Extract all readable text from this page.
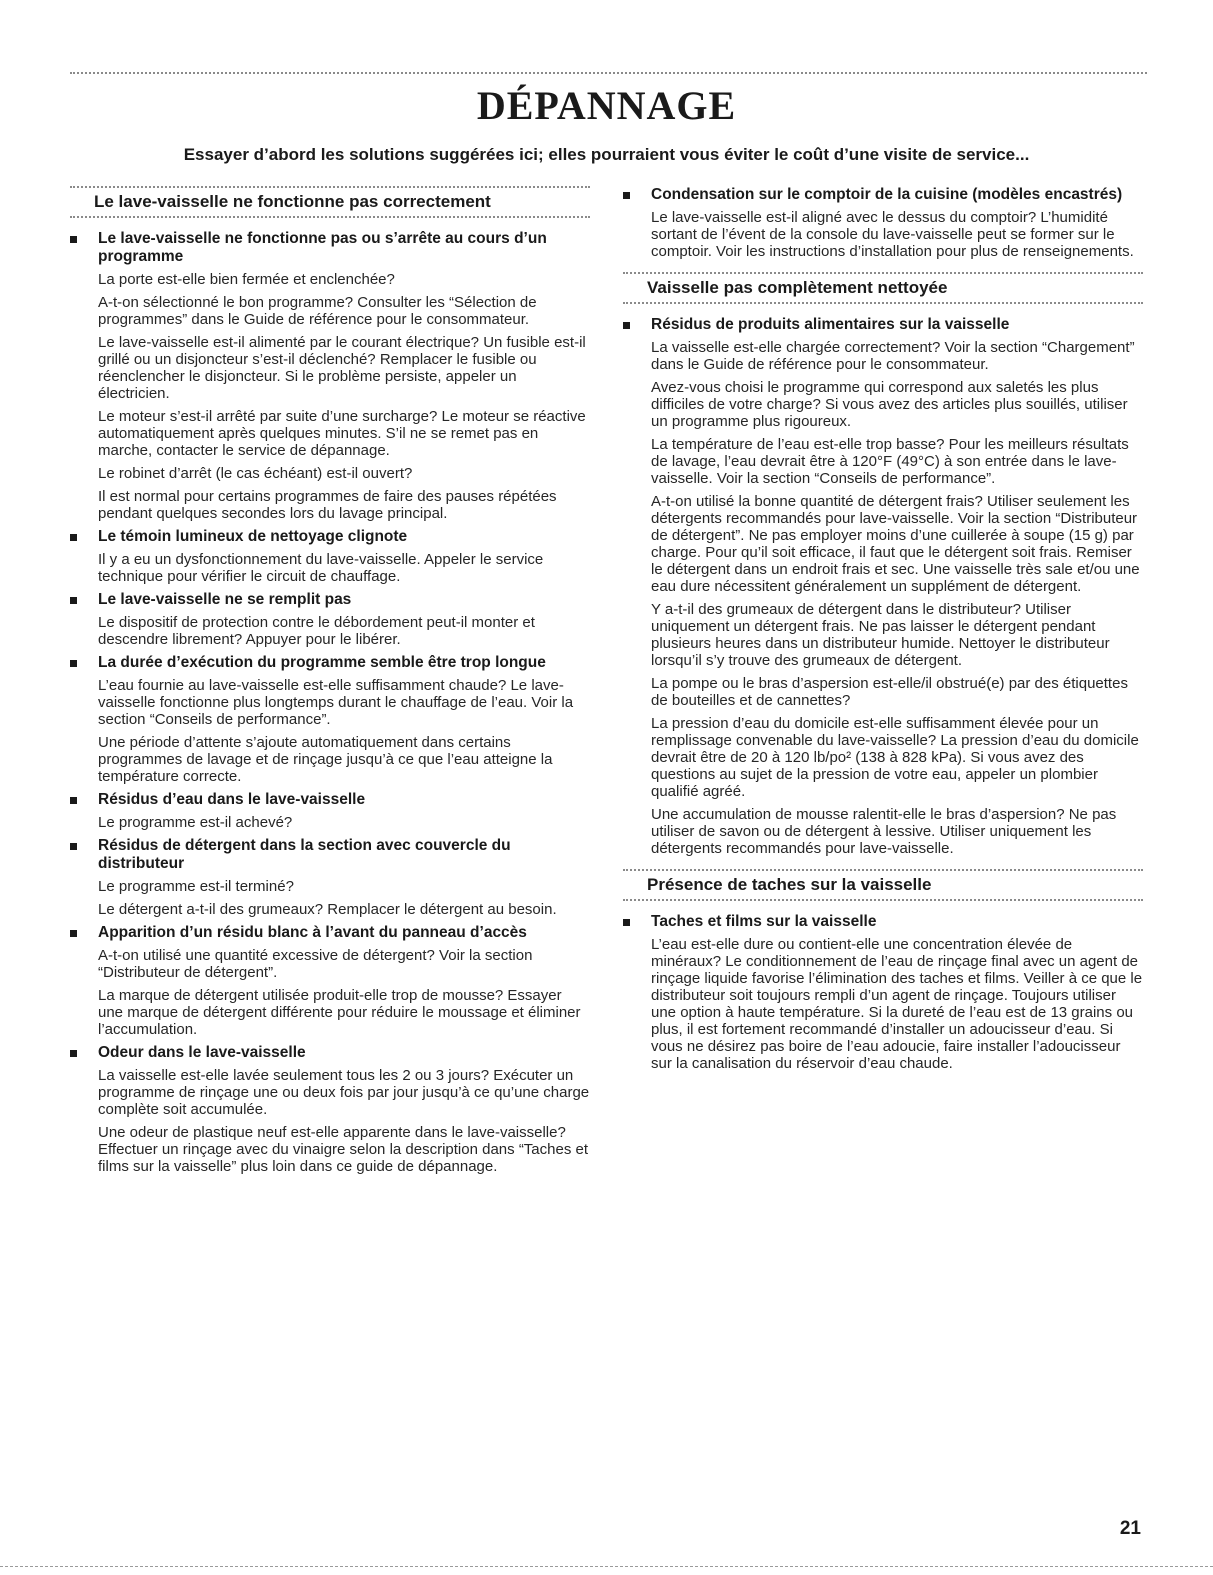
DÉPANNAGE

Essayer d’abord les solutions suggérées ici; elles pourraient vous éviter le coût d’une visite de service...

Le lave-vaisselle ne fonctionne pas correctement
Le lave-vaisselle ne fonctionne pas ou s’arrête au cours d’un programme

La porte est-elle bien fermée et enclenchée?

A-t-on sélectionné le bon programme? Consulter les “Sélection de programmes” dans le Guide de référence pour le consommateur.

Le lave-vaisselle est-il alimenté par le courant électrique? Un fusible est-il grillé ou un disjoncteur s’est-il déclenché? Remplacer le fusible ou réenclencher le disjoncteur. Si le problème persiste, appeler un électricien.

Le moteur s’est-il arrêté par suite d’une surcharge? Le moteur se réactive automatiquement après quelques minutes. S’il ne se remet pas en marche, contacter le service de dépannage.

Le robinet d’arrêt (le cas échéant) est-il ouvert?

Il est normal pour certains programmes de faire des pauses répétées pendant quelques secondes lors du lavage principal.

Le témoin lumineux de nettoyage clignote

Il y a eu un dysfonctionnement du lave-vaisselle. Appeler le service technique pour vérifier le circuit de chauffage.

Le lave-vaisselle ne se remplit pas

Le dispositif de protection contre le débordement peut-il monter et descendre librement? Appuyer pour le libérer.

La durée d’exécution du programme semble être trop longue

L’eau fournie au lave-vaisselle est-elle suffisamment chaude? Le lave-vaisselle fonctionne plus longtemps durant le chauffage de l’eau. Voir la section “Conseils de performance”.

Une période d’attente s’ajoute automatiquement dans certains programmes de lavage et de rinçage jusqu’à ce que l’eau atteigne la température correcte.

Résidus d’eau dans le lave-vaisselle

Le programme est-il achevé?

Résidus de détergent dans la section avec couvercle du distributeur

Le programme est-il terminé?

Le détergent a-t-il des grumeaux? Remplacer le détergent au besoin.

Apparition d’un résidu blanc à l’avant du panneau d’accès

A-t-on utilisé une quantité excessive de détergent? Voir la section “Distributeur de détergent”.

La marque de détergent utilisée produit-elle trop de mousse? Essayer une marque de détergent différente pour réduire le moussage et éliminer l’accumulation.

Odeur dans le lave-vaisselle

La vaisselle est-elle lavée seulement tous les 2 ou 3 jours? Exécuter un programme de rinçage une ou deux fois par jour jusqu’à ce qu’une charge complète soit accumulée.

Une odeur de plastique neuf est-elle apparente dans le lave-vaisselle? Effectuer un rinçage avec du vinaigre selon la description dans “Taches et films sur la vaisselle” plus loin dans ce guide de dépannage.

Condensation sur le comptoir de la cuisine (modèles encastrés)

Le lave-vaisselle est-il aligné avec le dessus du comptoir? L’humidité sortant de l’évent de la console du lave-vaisselle peut se former sur le comptoir. Voir les instructions d’installation pour plus de renseignements.

Vaisselle pas complètement nettoyée
Résidus de produits alimentaires sur la vaisselle

La vaisselle est-elle chargée correctement? Voir la section “Chargement” dans le Guide de référence pour le consommateur.

Avez-vous choisi le programme qui correspond aux saletés les plus difficiles de votre charge? Si vous avez des articles plus souillés, utiliser un programme plus rigoureux.

La température de l’eau est-elle trop basse? Pour les meilleurs résultats de lavage, l’eau devrait être à 120°F (49°C) à son entrée dans le lave-vaisselle. Voir la section “Conseils de performance”.

A-t-on utilisé la bonne quantité de détergent frais? Utiliser seulement les détergents recommandés pour lave-vaisselle. Voir la section “Distributeur de détergent”. Ne pas employer moins d’une cuillerée à soupe (15 g) par charge. Pour qu’il soit efficace, il faut que le détergent soit frais. Remiser le détergent dans un endroit frais et sec. Une vaisselle très sale et/ou une eau dure nécessitent généralement un supplément de détergent.

Y a-t-il des grumeaux de détergent dans le distributeur? Utiliser uniquement un détergent frais. Ne pas laisser le détergent pendant plusieurs heures dans un distributeur humide. Nettoyer le distributeur lorsqu’il s’y trouve des grumeaux de détergent.

La pompe ou le bras d’aspersion est-elle/il obstrué(e) par des étiquettes de bouteilles et de cannettes?

La pression d’eau du domicile est-elle suffisamment élevée pour un remplissage convenable du lave-vaisselle? La pression d’eau du domicile devrait être de 20 à 120 lb/po² (138 à 828 kPa). Si vous avez des questions au sujet de la pression de votre eau, appeler un plombier qualifié agréé.

Une accumulation de mousse ralentit-elle le bras d’aspersion? Ne pas utiliser de savon ou de détergent à lessive. Utiliser uniquement les détergents recommandés pour lave-vaisselle.

Présence de taches sur la vaisselle
Taches et films sur la vaisselle

L’eau est-elle dure ou contient-elle une concentration élevée de minéraux? Le conditionnement de l’eau de rinçage final avec un agent de rinçage liquide favorise l’élimination des taches et films. Veiller à ce que le distributeur soit toujours rempli d’un agent de rinçage. Toujours utiliser une option à haute température. Si la dureté de l’eau est de 13 grains ou plus, il est fortement recommandé d’installer un adoucisseur d’eau. Si vous ne désirez pas boire de l’eau adoucie, faire installer l’adoucisseur sur la canalisation du réservoir d’eau chaude.

21
